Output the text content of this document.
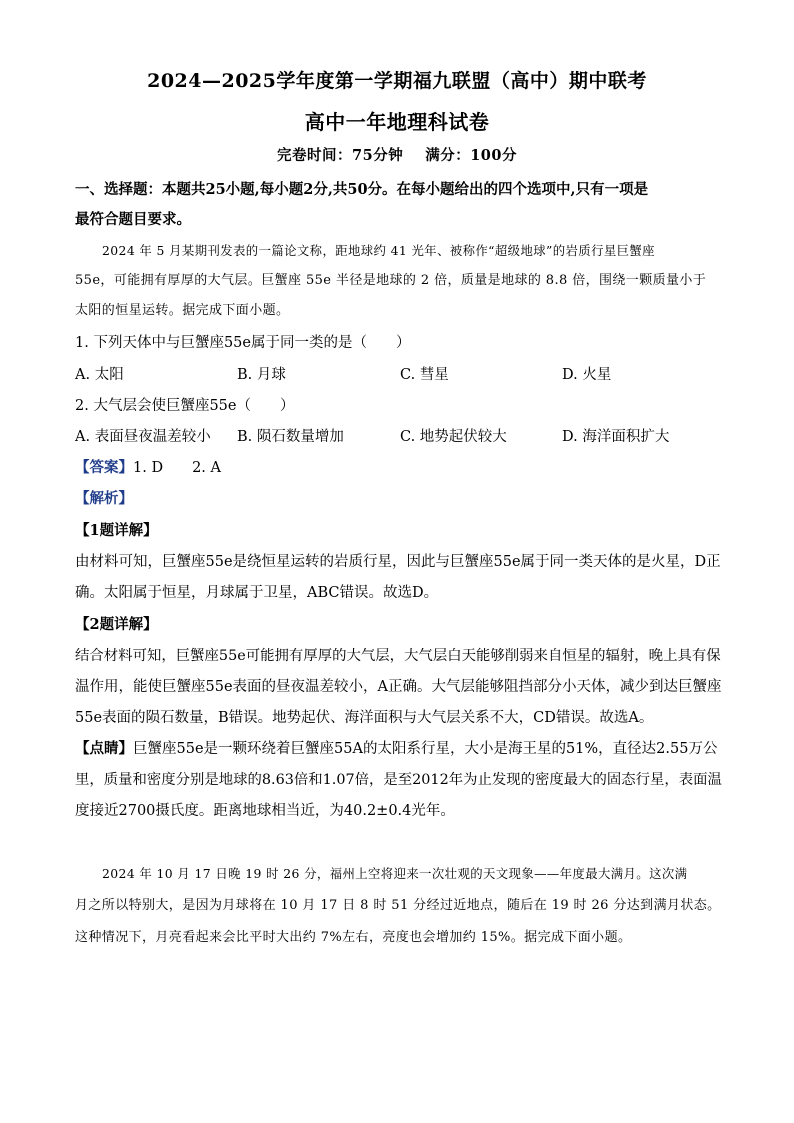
2024—2025学年度第一学期福九联盟（高中）期中联考
高中一年地理科试卷
完卷时间：75分钟 满分：100分
一、选择题：本题共25小题,每小题2分,共50分。在每小题给出的四个选项中,只有一项是
最符合题目要求。
2024 年 5 月某期刊发表的一篇论文称，距地球约 41 光年、被称作“超级地球”的岩质行星巨蟹座
55e，可能拥有厚厚的大气层。巨蟹座 55e 半径是地球的 2 倍，质量是地球的 8.8 倍，围绕一颗质量小于
太阳的恒星运转。据完成下面小题。
1. 下列天体中与巨蟹座55e属于同一类的是（　　）
A. 太阳	B. 月球	C. 彗星	D. 火星
2. 大气层会使巨蟹座55e（　　）
A. 表面昼夜温差较小 B. 陨石数量增加	C. 地势起伏较大	D. 海洋面积扩大
【答案】1. D　　2. A
【解析】
【1题详解】
由材料可知，巨蟹座55e是绕恒星运转的岩质行星，因此与巨蟹座55e属于同一类天体的是火星，D正
确。太阳属于恒星，月球属于卫星，ABC错误。故选D。
【2题详解】
结合材料可知，巨蟹座55e可能拥有厚厚的大气层，大气层白天能够削弱来自恒星的辐射，晚上具有保
温作用，能使巨蟹座55e表面的昼夜温差较小，A正确。大气层能够阻挡部分小天体，减少到达巨蟹座
55e表面的陨石数量，B错误。地势起伏、海洋面积与大气层关系不大，CD错误。故选A。
【点睛】巨蟹座55e是一颗环绕着巨蟹座55A的太阳系行星，大小是海王星的51%，直径达2.55万公
里，质量和密度分别是地球的8.63倍和1.07倍，是至2012年为止发现的密度最大的固态行星，表面温
度接近2700摄氏度。距离地球相当近，为40.2±0.4光年。
2024 年 10 月 17 日晚 19 时 26 分，福州上空将迎来一次壮观的天文现象——年度最大满月。这次满
月之所以特别大，是因为月球将在 10 月 17 日 8 时 51 分经过近地点，随后在 19 时 26 分达到满月状态。
这种情况下，月亮看起来会比平时大出约 7%左右，亮度也会增加约 15%。据完成下面小题。
